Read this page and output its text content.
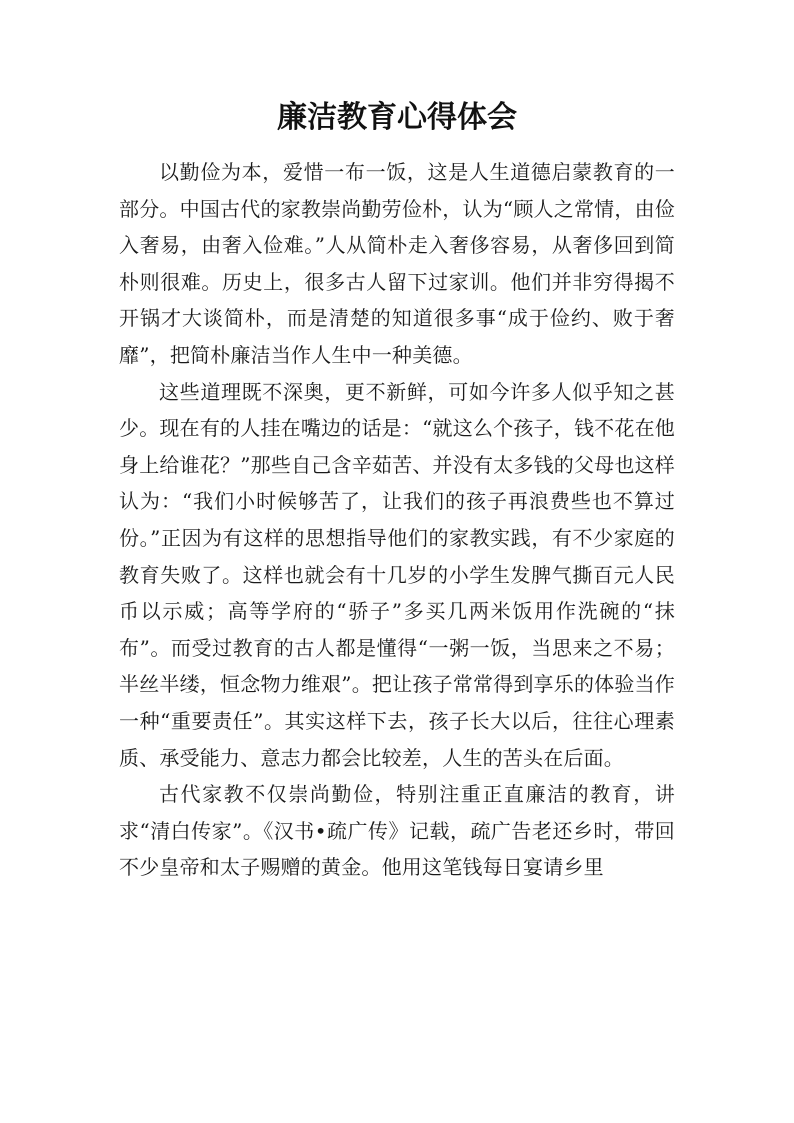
廉洁教育心得体会

以勤俭为本，爱惜一布一饭，这是人生道德启蒙教育的一部分。中国古代的家教崇尚勤劳俭朴，认为“顾人之常情，由俭入奢易，由奢入俭难。”人从简朴走入奢侈容易，从奢侈回到简朴则很难。历史上，很多古人留下过家训。他们并非穷得揭不开锅才大谈简朴，而是清楚的知道很多事“成于俭约、败于奢靡”，把简朴廉洁当作人生中一种美德。

这些道理既不深奥，更不新鲜，可如今许多人似乎知之甚少。现在有的人挂在嘴边的话是：“就这么个孩子，钱不花在他身上给谁花？”那些自己含辛茹苦、并没有太多钱的父母也这样认为：“我们小时候够苦了，让我们的孩子再浪费些也不算过份。”正因为有这样的思想指导他们的家教实践，有不少家庭的教育失败了。这样也就会有十几岁的小学生发脾气撕百元人民币以示威；高等学府的“骄子”多买几两米饭用作洗碗的“抹布”。而受过教育的古人都是懂得“一粥一饭，当思来之不易；半丝半缕，恒念物力维艰”。把让孩子常常得到享乐的体验当作一种“重要责任”。其实这样下去，孩子长大以后，往往心理素质、承受能力、意志力都会比较差，人生的苦头在后面。

古代家教不仅崇尚勤俭，特别注重正直廉洁的教育，讲求“清白传家”。《汉书•疏广传》记载，疏广告老还乡时，带回不少皇帝和太子赐赠的黄金。他用这笔钱每日宴请乡里
